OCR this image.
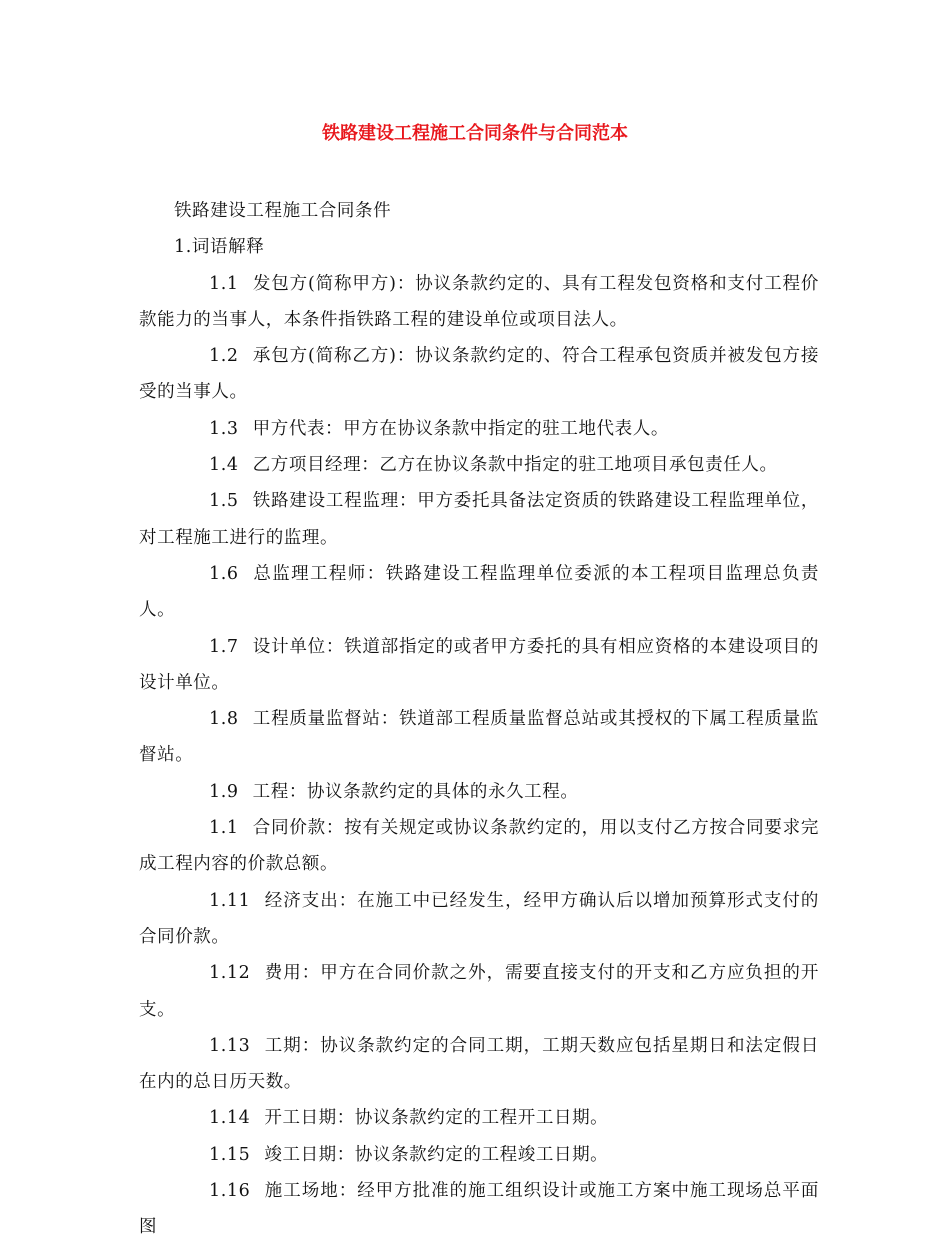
铁路建设工程施工合同条件与合同范本

铁路建设工程施工合同条件

1.词语解释

1.1 发包方(简称甲方)：协议条款约定的、具有工程发包资格和支付工程价款能力的当事人，本条件指铁路工程的建设单位或项目法人。

1.2 承包方(简称乙方)：协议条款约定的、符合工程承包资质并被发包方接受的当事人。

1.3 甲方代表：甲方在协议条款中指定的驻工地代表人。

1.4 乙方项目经理：乙方在协议条款中指定的驻工地项目承包责任人。

1.5 铁路建设工程监理：甲方委托具备法定资质的铁路建设工程监理单位，对工程施工进行的监理。

1.6 总监理工程师：铁路建设工程监理单位委派的本工程项目监理总负责人。

1.7 设计单位：铁道部指定的或者甲方委托的具有相应资格的本建设项目的设计单位。

1.8 工程质量监督站：铁道部工程质量监督总站或其授权的下属工程质量监督站。

1.9 工程：协议条款约定的具体的永久工程。

1.1 合同价款：按有关规定或协议条款约定的，用以支付乙方按合同要求完成工程内容的价款总额。

1.11 经济支出：在施工中已经发生，经甲方确认后以增加预算形式支付的合同价款。

1.12 费用：甲方在合同价款之外，需要直接支付的开支和乙方应负担的开支。

1.13 工期：协议条款约定的合同工期，工期天数应包括星期日和法定假日在内的总日历天数。

1.14 开工日期：协议条款约定的工程开工日期。

1.15 竣工日期：协议条款约定的工程竣工日期。

1.16 施工场地：经甲方批准的施工组织设计或施工方案中施工现场总平面图
